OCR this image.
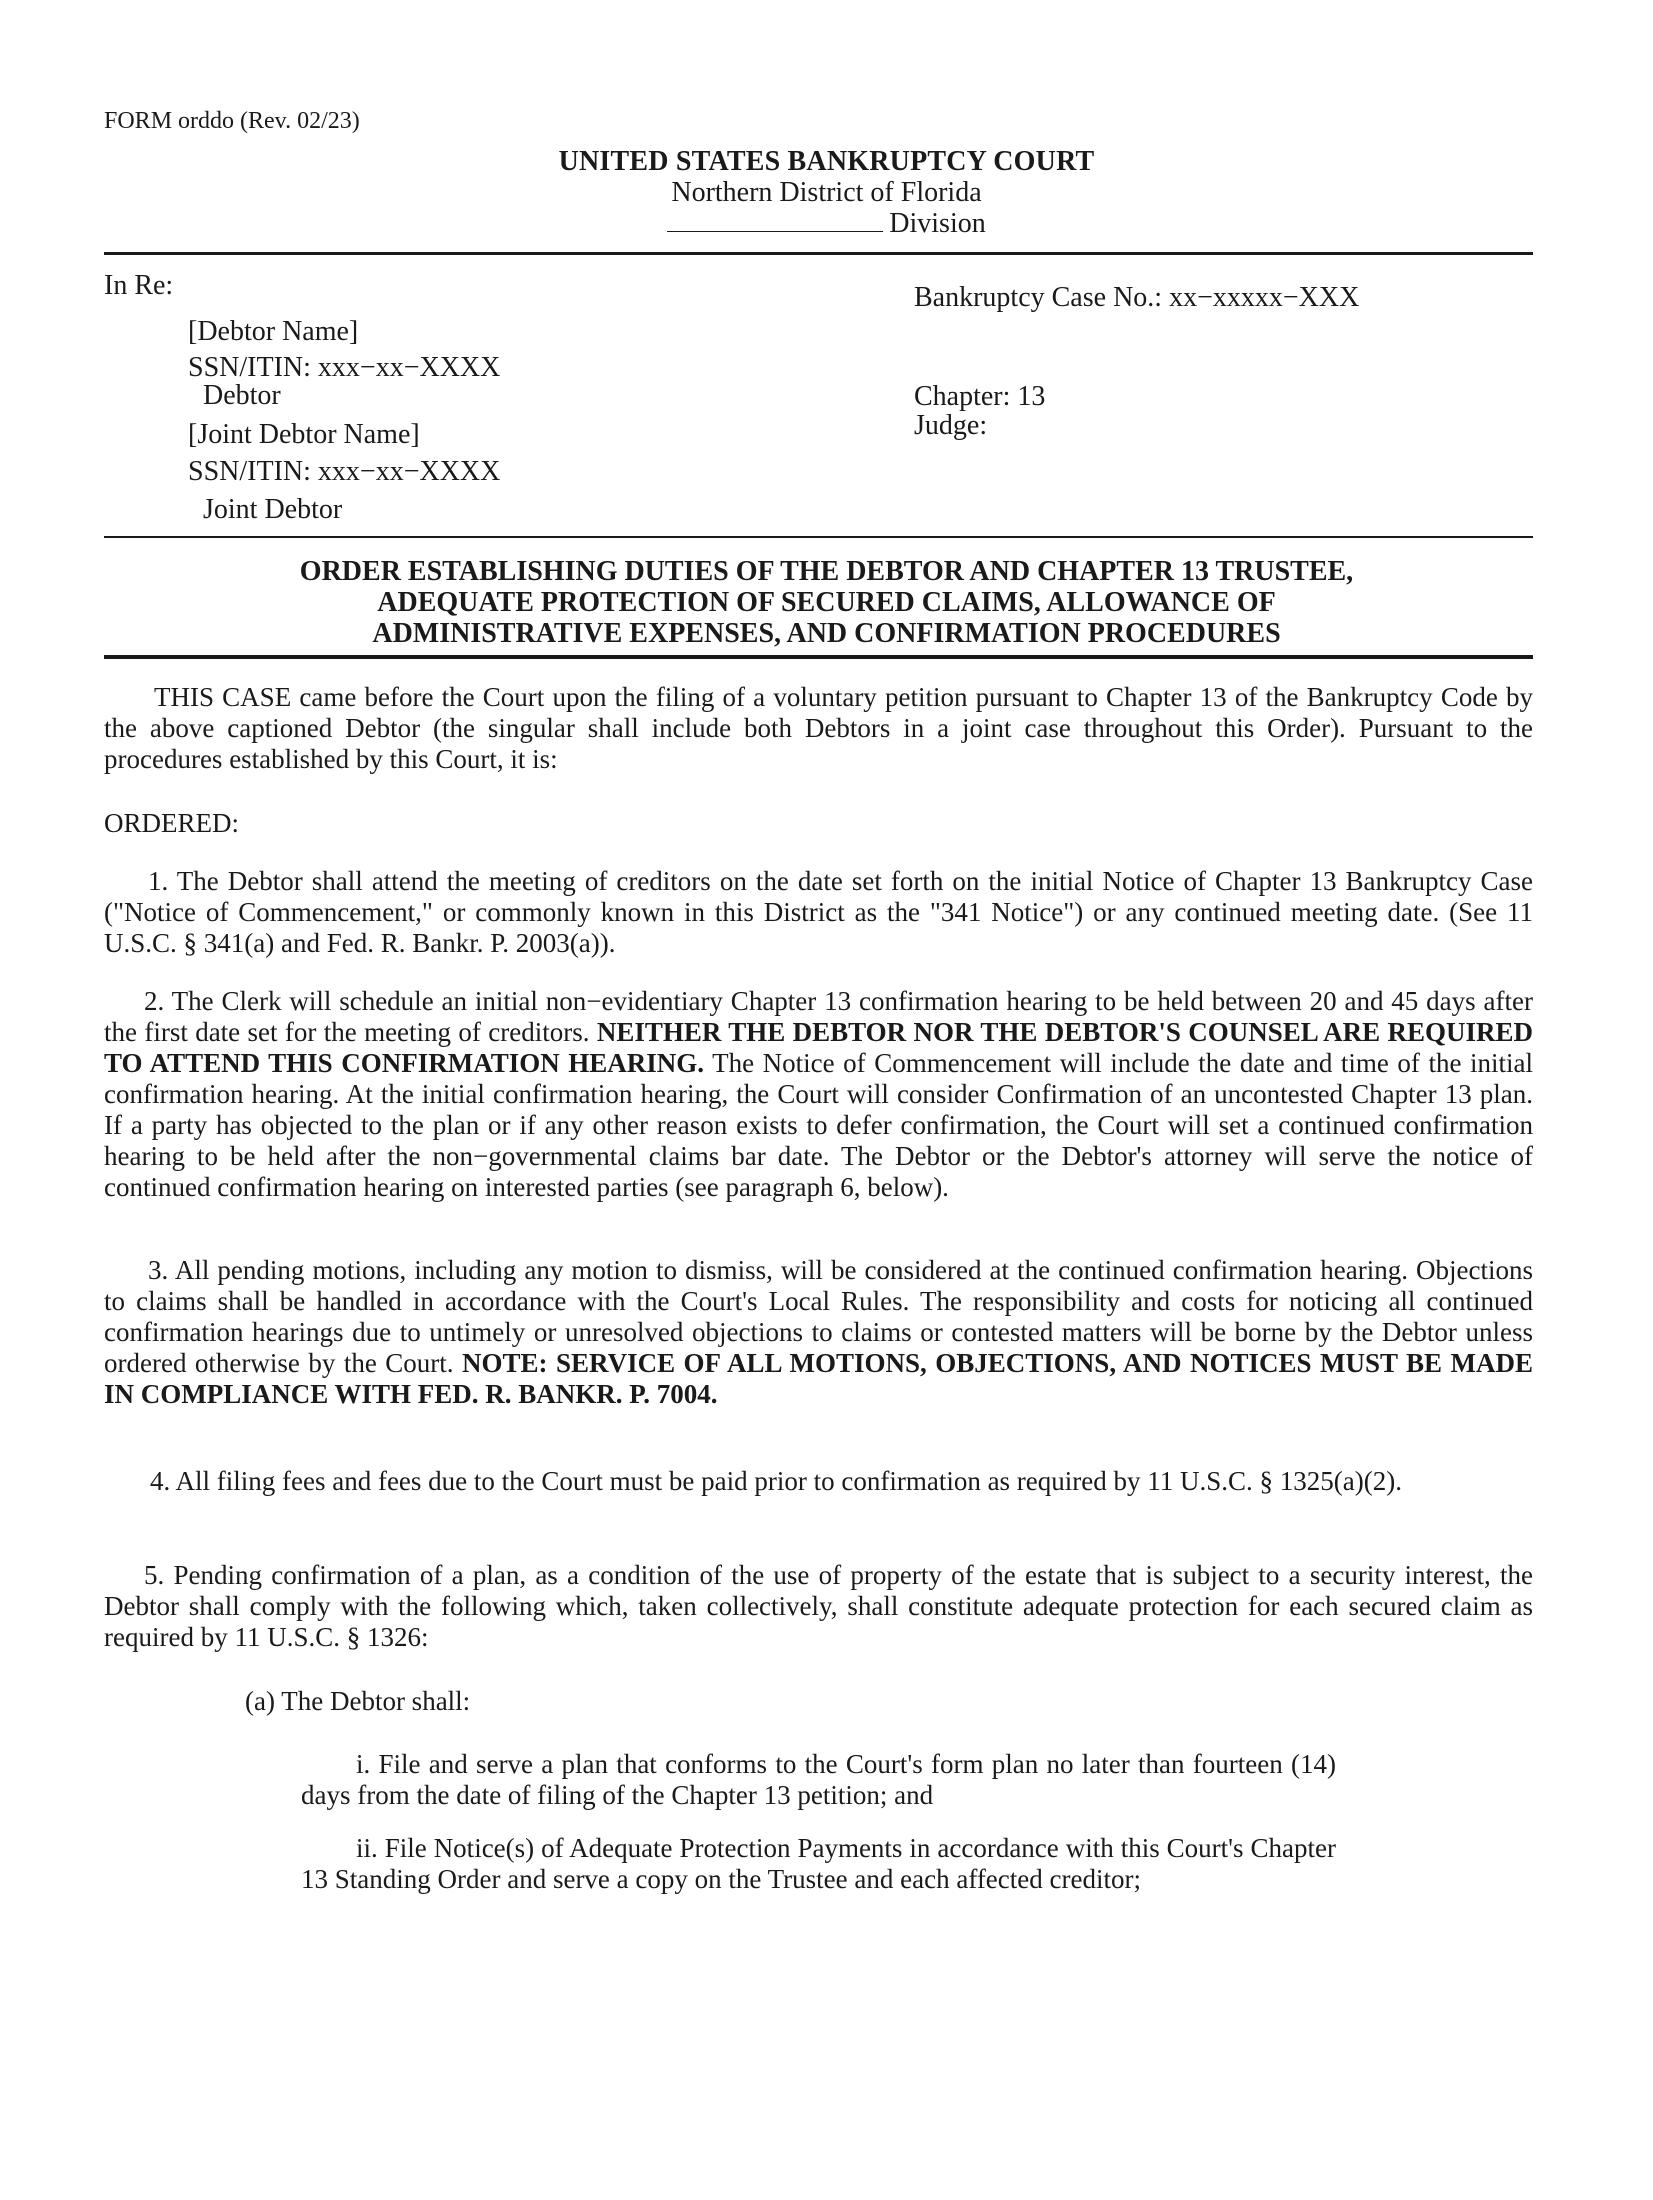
FORM orddo (Rev. 02/23)
UNITED STATES BANKRUPTCY COURT
Northern District of Florida
Division
In Re:
[Debtor Name]
SSN/ITIN: xxx−xx−XXXX
Debtor
[Joint Debtor Name]
SSN/ITIN: xxx−xx−XXXX
Joint Debtor
Bankruptcy Case No.: xx−xxxxx−XXX
Chapter: 13
Judge:
ORDER ESTABLISHING DUTIES OF THE DEBTOR AND CHAPTER 13 TRUSTEE,
ADEQUATE PROTECTION OF SECURED CLAIMS, ALLOWANCE OF
ADMINISTRATIVE EXPENSES, AND CONFIRMATION PROCEDURES

THIS CASE came before the Court upon the filing of a voluntary petition pursuant to Chapter 13 of the Bankruptcy Code by the above captioned Debtor (the singular shall include both Debtors in a joint case throughout this Order). Pursuant to the procedures established by this Court, it is:

ORDERED:

1. The Debtor shall attend the meeting of creditors on the date set forth on the initial Notice of Chapter 13 Bankruptcy Case ("Notice of Commencement," or commonly known in this District as the "341 Notice") or any continued meeting date. (See 11 U.S.C. § 341(a) and Fed. R. Bankr. P. 2003(a)).

2. The Clerk will schedule an initial non−evidentiary Chapter 13 confirmation hearing to be held between 20 and 45 days after the first date set for the meeting of creditors. NEITHER THE DEBTOR NOR THE DEBTOR'S COUNSEL ARE REQUIRED TO ATTEND THIS CONFIRMATION HEARING. The Notice of Commencement will include the date and time of the initial confirmation hearing. At the initial confirmation hearing, the Court will consider Confirmation of an uncontested Chapter 13 plan. If a party has objected to the plan or if any other reason exists to defer confirmation, the Court will set a continued confirmation hearing to be held after the non−governmental claims bar date. The Debtor or the Debtor's attorney will serve the notice of continued confirmation hearing on interested parties (see paragraph 6, below).

3. All pending motions, including any motion to dismiss, will be considered at the continued confirmation hearing. Objections to claims shall be handled in accordance with the Court's Local Rules. The responsibility and costs for noticing all continued confirmation hearings due to untimely or unresolved objections to claims or contested matters will be borne by the Debtor unless ordered otherwise by the Court. NOTE: SERVICE OF ALL MOTIONS, OBJECTIONS, AND NOTICES MUST BE MADE IN COMPLIANCE WITH FED. R. BANKR. P. 7004.

4. All filing fees and fees due to the Court must be paid prior to confirmation as required by 11 U.S.C. § 1325(a)(2).

5. Pending confirmation of a plan, as a condition of the use of property of the estate that is subject to a security interest, the Debtor shall comply with the following which, taken collectively, shall constitute adequate protection for each secured claim as required by 11 U.S.C. § 1326:

(a) The Debtor shall:

i. File and serve a plan that conforms to the Court's form plan no later than fourteen (14) days from the date of filing of the Chapter 13 petition; and

ii. File Notice(s) of Adequate Protection Payments in accordance with this Court's Chapter 13 Standing Order and serve a copy on the Trustee and each affected creditor;
